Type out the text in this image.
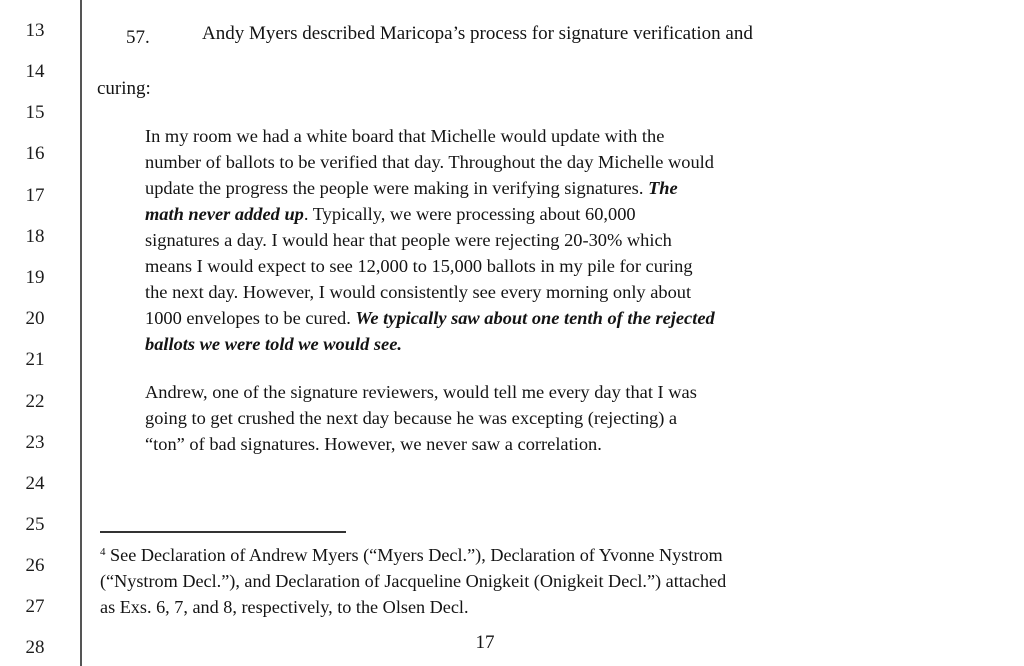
13
14
15
16
17
18
19
20
21
22
23
24
25
26
27
28
57.	Andy Myers described Maricopa’s process for signature verification and
curing:
In my room we had a white board that Michelle would update with the
number of ballots to be verified that day. Throughout the day Michelle would
update the progress the people were making in verifying signatures. The
math never added up. Typically, we were processing about 60,000
signatures a day. I would hear that people were rejecting 20-30% which
means I would expect to see 12,000 to 15,000 ballots in my pile for curing
the next day. However, I would consistently see every morning only about
1000 envelopes to be cured. We typically saw about one tenth of the rejected
ballots we were told we would see.
Andrew, one of the signature reviewers, would tell me every day that I was
going to get crushed the next day because he was excepting (rejecting) a
“ton” of bad signatures. However, we never saw a correlation.
$^4$ See Declaration of Andrew Myers (“Myers Decl.”), Declaration of Yvonne Nystrom
(“Nystrom Decl.”), and Declaration of Jacqueline Onigkeit (Onigkeit Decl.”) attached
as Exs. 6, 7, and 8, respectively, to the Olsen Decl.
17
